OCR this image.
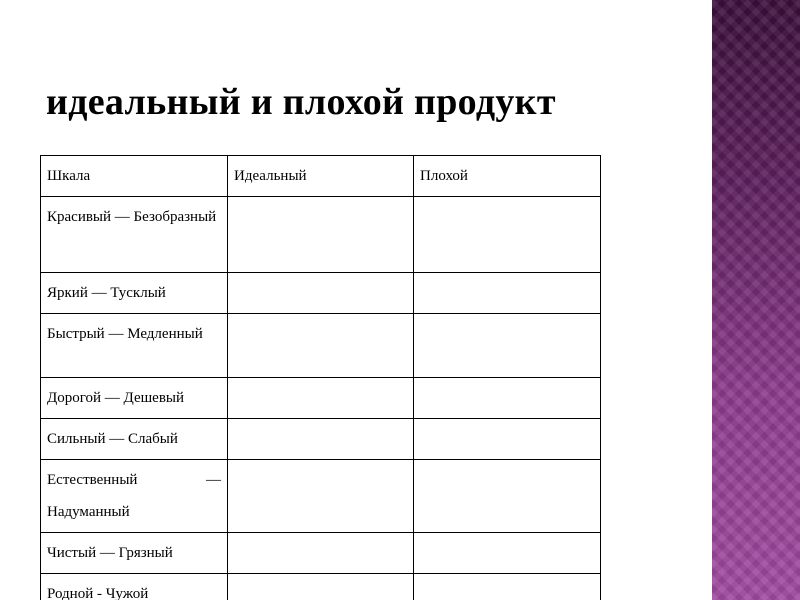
идеальный и плохой продукт
Шкала	Идеальный	Плохой
Красивый — Безобразный		
Яркий — Тусклый		
Быстрый — Медленный		
Дорогой — Дешевый		
Сильный — Слабый		
Естественный — Надуманный		
Чистый — Грязный		
Родной - Чужой		
